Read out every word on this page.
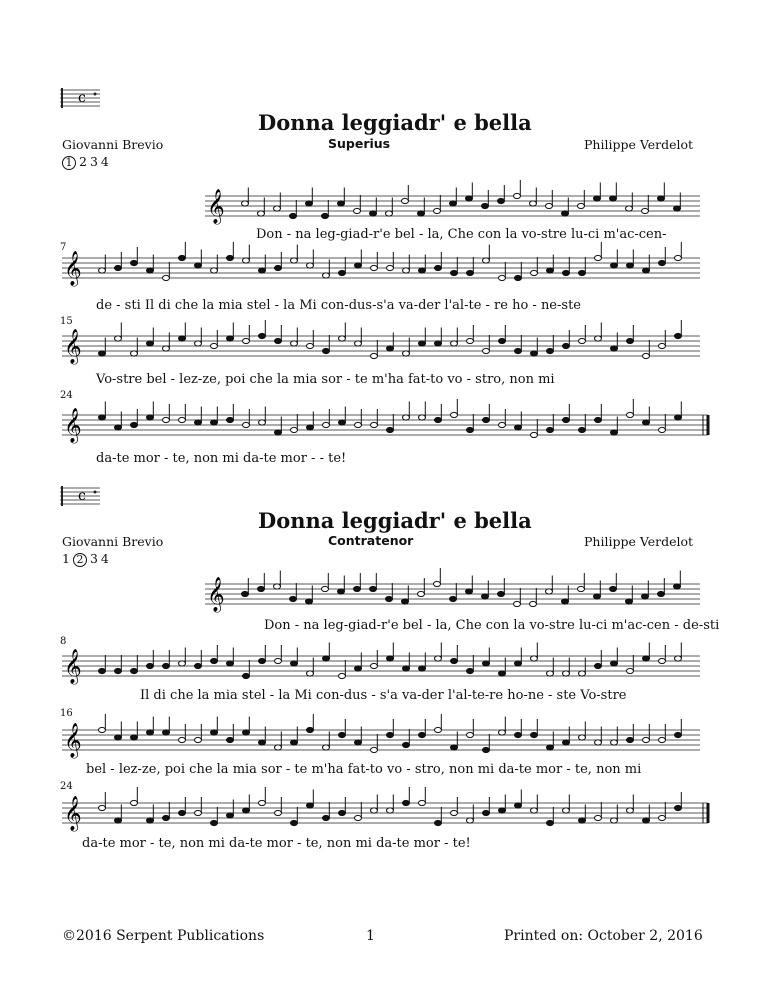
c
Donna leggiadr' e bella
Giovanni Brevio	Superius	Philippe Verdelot
1 2 3 4
𝄞
Don - na leg-giad-r'e bel - la, Che con la vo-stre lu-ci m'ac-cen-
7
𝄞
de - sti Il di che la mia stel - la Mi con-dus-s'a va-der l'al-te - re ho - ne-ste
15
𝄞
Vo-stre bel - lez-ze, poi che la mia sor - te m'ha fat-to vo - stro, non mi
24
𝄞
da-te mor - te, non mi da-te mor - - te!
c
Donna leggiadr' e bella
Giovanni Brevio	Contratenor	Philippe Verdelot
1 2 3 4
𝄞
Don - na leg-giad-r'e bel - la, Che con la vo-stre lu-ci m'ac-cen - de-sti
8
𝄞
Il di che la mia stel - la Mi con-dus - s'a va-der l'al-te-re ho-ne - ste Vo-stre
16
𝄞
bel - lez-ze, poi che la mia sor - te m'ha fat-to vo - stro, non mi da-te mor - te, non mi
24
𝄞
da-te mor - te, non mi da-te mor - te, non mi da-te mor - te!
©2016 Serpent Publications	1	Printed on: October 2, 2016
